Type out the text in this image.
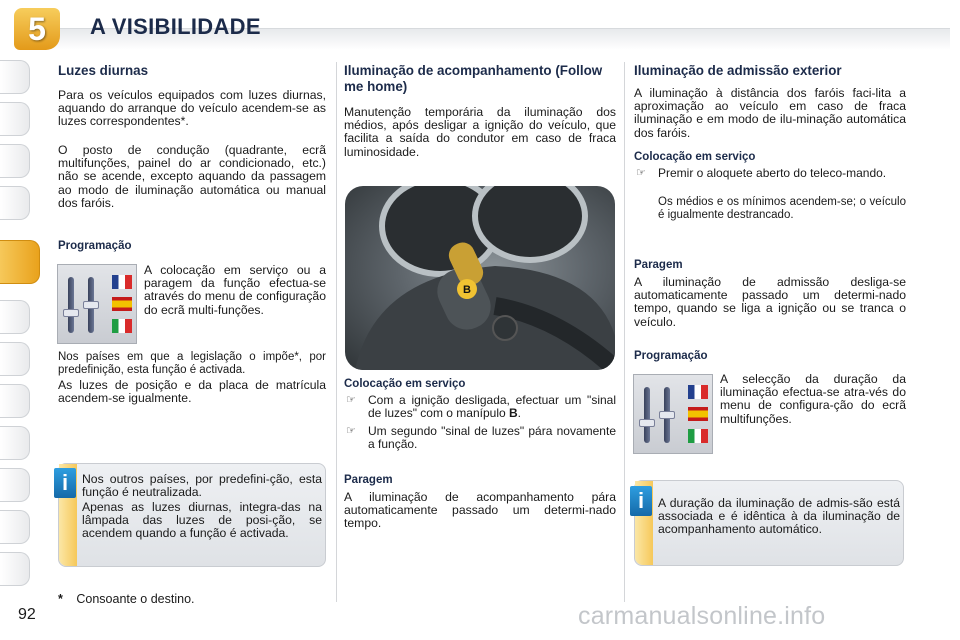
5	A VISIBILIDADE
Luzes diurnas
Para os veículos equipados com luzes diurnas, aquando do arranque do veículo acendem-se as luzes correspondentes*.
O posto de condução (quadrante, ecrã multifunções, painel do ar condicionado, etc.) não se acende, excepto aquando da passagem ao modo de iluminação automática ou manual dos faróis.
Programação
A colocação em serviço ou a paragem da função efectua-se através do menu de configuração do ecrã multi-funções.
Nos países em que a legislação o impõe*, por predefinição, esta função é activada.
As luzes de posição e da placa de matrícula acendem-se igualmente.
i	Nos outros países, por predefini-ção, esta função é neutralizada.
Apenas as luzes diurnas, integra-das na lâmpada das luzes de posi-ção, se acendem quando a função é activada.
* Consoante o destino.
Iluminação de acompanhamento (Follow me home)
Manutenção temporária da iluminação dos médios, após desligar a ignição do veículo, que facilita a saída do condutor em caso de fraca luminosidade.
B
Colocação em serviço
☞ Com a ignição desligada, efectuar um "sinal de luzes" com o manípulo B.
☞ Um segundo "sinal de luzes" pára novamente a função.
Paragem
A iluminação de acompanhamento pára automaticamente passado um determi-nado tempo.
Iluminação de admissão exterior
A iluminação à distância dos faróis faci-lita a aproximação ao veículo em caso de fraca iluminação e em modo de ilu-minação automática dos faróis.
Colocação em serviço
☞ Premir o aloquete aberto do teleco-mando.
Os médios e os mínimos acendem-se; o veículo é igualmente destrancado.
Paragem
A iluminação de admissão desliga-se automaticamente passado um determi-nado tempo, quando se liga a ignição ou se tranca o veículo.
Programação
A selecção da duração da iluminação efectua-se atra-vés do menu de configura-ção do ecrã multifunções.
i	A duração da iluminação de admis-são está associada e é idêntica à da iluminação de acompanhamento automático.
92	carmanualsonline.info
